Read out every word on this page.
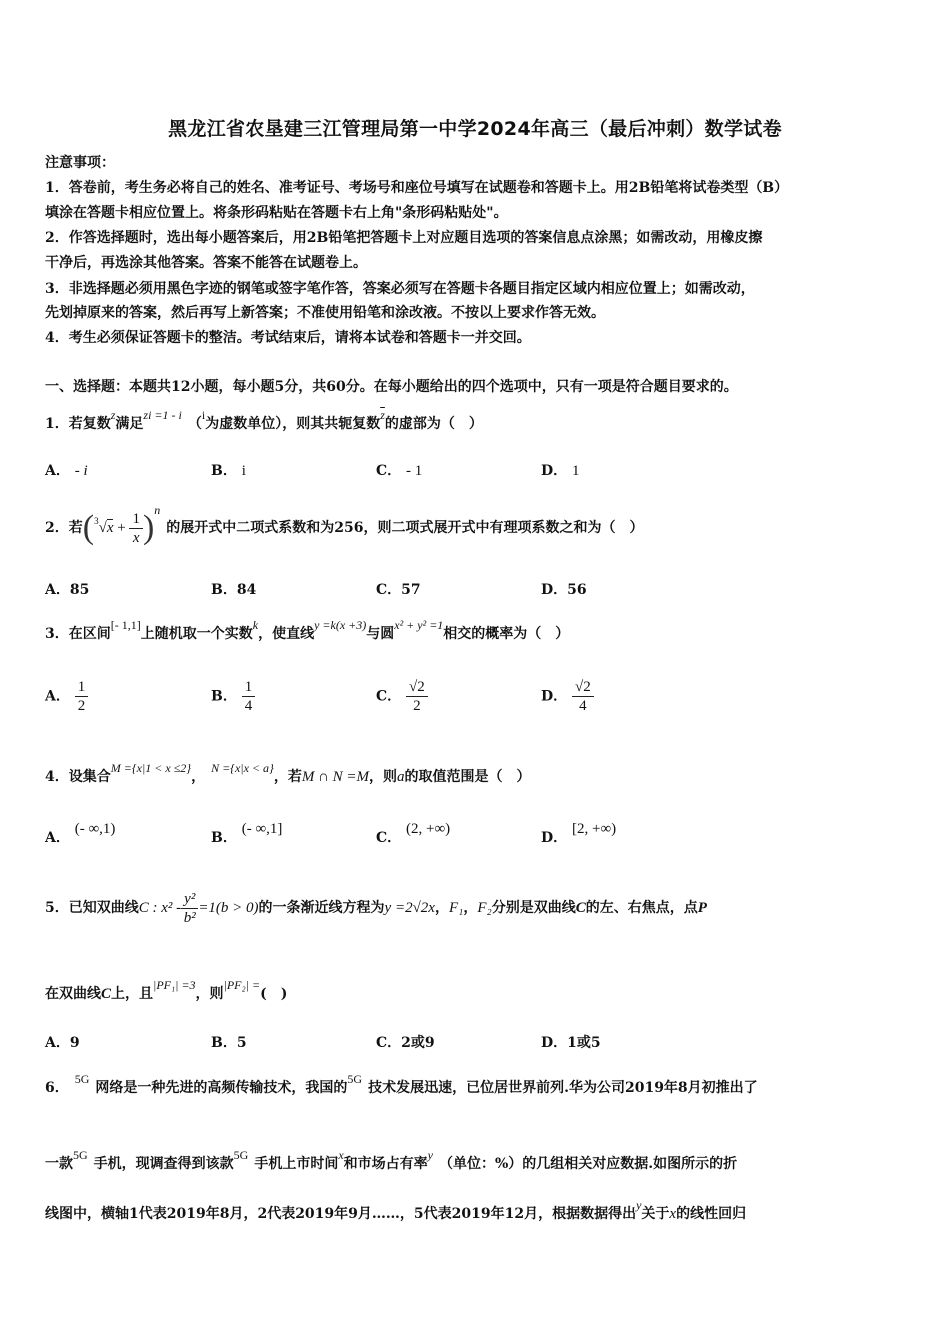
黑龙江省农垦建三江管理局第一中学2024年高三（最后冲刺）数学试卷
注意事项：
1．答卷前，考生务必将自己的姓名、准考证号、考场号和座位号填写在试题卷和答题卡上。用2B铅笔将试卷类型（B）
填涂在答题卡相应位置上。将条形码粘贴在答题卡右上角"条形码粘贴处"。
2．作答选择题时，选出每小题答案后，用2B铅笔把答题卡上对应题目选项的答案信息点涂黑；如需改动，用橡皮擦
干净后，再选涂其他答案。答案不能答在试题卷上。
3．非选择题必须用黑色字迹的钢笔或签字笔作答，答案必须写在答题卡各题目指定区域内相应位置上；如需改动，
先划掉原来的答案，然后再写上新答案；不准使用铅笔和涂改液。不按以上要求作答无效。
4．考生必须保证答题卡的整洁。考试结束后，请将本试卷和答题卡一并交回。
一、选择题：本题共12小题，每小题5分，共60分。在每小题给出的四个选项中，只有一项是符合题目要求的。
1．若复数z满足zi =1 - i（i为虚数单位），则其共轭复数$\overline{z}$的虚部为（　）
A． - i	B． i	C． - 1	D． 1
2．若$(^3√x + \frac{1}{x} )n$的展开式中二项式系数和为256，则二项式展开式中有理项系数之和为（　）
A．85	B．84	C．57	D．56
3．在区间[- 1,1]上随机取一个实数k，使直线y =k(x +3)与圆x² + y² =1相交的概率为（　）
A． $\frac{1}{2}$	B． $\frac{1}{4}$	C． $\frac{√2}{2}$	D． $\frac{√2}{4}$
4．设集合M ={x|1 < x ≤2}，N ={x|x < a}，若M ∩ N =M，则a的取值范围是（　）
A． (- ∞,1)
B． (- ∞,1]
C． (2, +∞)
D． [2, +∞)
5．已知双曲线C : $x^2 - \frac{\text{y²}}{\text{b²}} =1(b > 0)$的一条渐近线方程为y =2√2x，F₁，F₂分别是双曲线C的左、右焦点，点P
在双曲线C上，且|PF₁| =3，则|PF₂| =(　)
A．9	B．5	C．2或9	D．1或5
6．5G网络是一种先进的高频传输技术，我国的5G技术发展迅速，已位居世界前列.华为公司2019年8月初推出了
一款5G手机，现调查得到该款5G手机上市时间x和市场占有率y（单位：%）的几组相关对应数据.如图所示的折
线图中，横轴1代表2019年8月，2代表2019年9月……，5代表2019年12月，根据数据得出y关于x的线性回归
